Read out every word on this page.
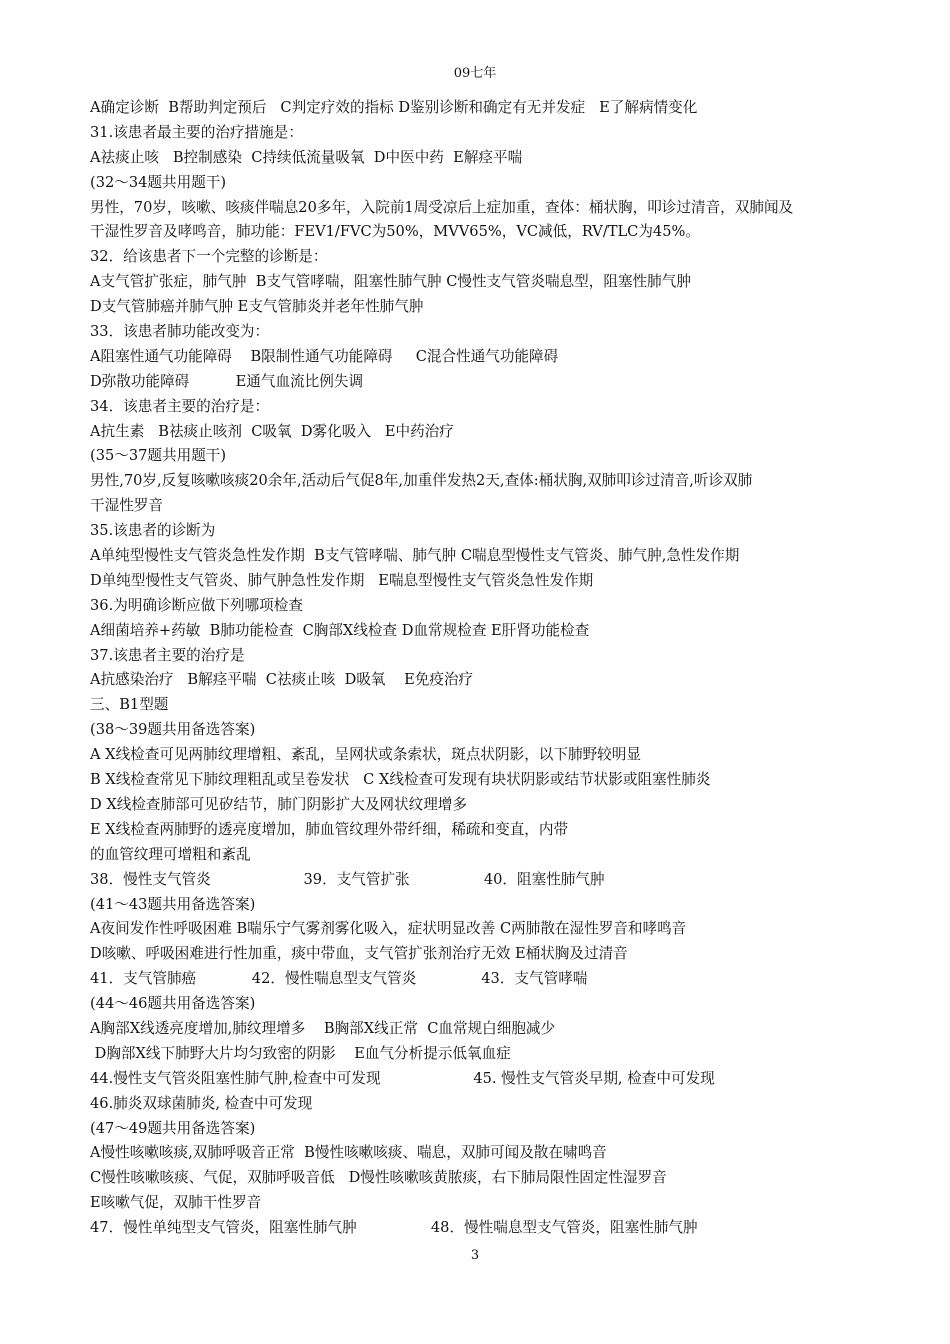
09七年
A确定诊断  B帮助判定预后   C判定疗效的指标 D鉴别诊断和确定有无并发症   E了解病情变化
31.该患者最主要的治疗措施是：
A祛痰止咳   B控制感染  C持续低流量吸氧  D中医中药  E解痉平喘
(32～34题共用题干)
男性，70岁，咳嗽、咳痰伴喘息20多年，入院前1周受凉后上症加重，查体：桶状胸，叩诊过清音，双肺闻及
干湿性罗音及哮鸣音，肺功能：FEV1/FVC为50%，MVV65%，VC减低，RV/TLC为45%。
32．给该患者下一个完整的诊断是：
A支气管扩张症，肺气肿  B支气管哮喘，阻塞性肺气肿 C慢性支气管炎喘息型，阻塞性肺气肿
D支气管肺癌并肺气肿 E支气管肺炎并老年性肺气肿
33．该患者肺功能改变为：
A阻塞性通气功能障碍    B限制性通气功能障碍     C混合性通气功能障碍
D弥散功能障碍          E通气血流比例失调
34．该患者主要的治疗是：
A抗生素   B祛痰止咳剂  C吸氧  D雾化吸入   E中药治疗
(35～37题共用题干)
男性,70岁,反复咳嗽咳痰20余年,活动后气促8年,加重伴发热2天,查体:桶状胸,双肺叩诊过清音,听诊双肺
干湿性罗音
35.该患者的诊断为
A单纯型慢性支气管炎急性发作期  B支气管哮喘、肺气肿 C喘息型慢性支气管炎、肺气肿,急性发作期
D单纯型慢性支气管炎、肺气肿急性发作期   E喘息型慢性支气管炎急性发作期
36.为明确诊断应做下列哪项检查
A细菌培养+药敏  B肺功能检查  C胸部X线检查 D血常规检查 E肝肾功能检查
37.该患者主要的治疗是
A抗感染治疗   B解痉平喘  C祛痰止咳  D吸氧    E免疫治疗
三、B1型题
(38～39题共用备选答案)
A X线检查可见两肺纹理增粗、紊乱，呈网状或条索状，斑点状阴影，以下肺野较明显
B X线检查常见下肺纹理粗乱或呈卷发状   C X线检查可发现有块状阴影或结节状影或阻塞性肺炎
D X线检查肺部可见矽结节，肺门阴影扩大及网状纹理增多
E X线检查两肺野的透亮度增加，肺血管纹理外带纤细，稀疏和变直，内带
的血管纹理可增粗和紊乱
38．慢性支气管炎                    39．支气管扩张                40．阻塞性肺气肿
(41～43题共用备选答案)
A夜间发作性呼吸困难 B喘乐宁气雾剂雾化吸入，症状明显改善 C两肺散在湿性罗音和哮鸣音
D咳嗽、呼吸困难进行性加重，痰中带血，支气管扩张剂治疗无效 E桶状胸及过清音
41．支气管肺癌            42．慢性喘息型支气管炎              43．支气管哮喘
(44～46题共用备选答案)
A胸部X线透亮度增加,肺纹理增多    B胸部X线正常  C血常规白细胞减少
D胸部X线下肺野大片均匀致密的阴影    E血气分析提示低氧血症
44.慢性支气管炎阻塞性肺气肿,检查中可发现                    45. 慢性支气管炎早期, 检查中可发现
46.肺炎双球菌肺炎, 检查中可发现
(47～49题共用备选答案)
A慢性咳嗽咳痰,双肺呼吸音正常  B慢性咳嗽咳痰、喘息，双肺可闻及散在啸鸣音
C慢性咳嗽咳痰、气促，双肺呼吸音低   D慢性咳嗽咳黄脓痰，右下肺局限性固定性湿罗音
E咳嗽气促，双肺干性罗音
47．慢性单纯型支气管炎，阻塞性肺气肿                48．慢性喘息型支气管炎，阻塞性肺气肿
3
